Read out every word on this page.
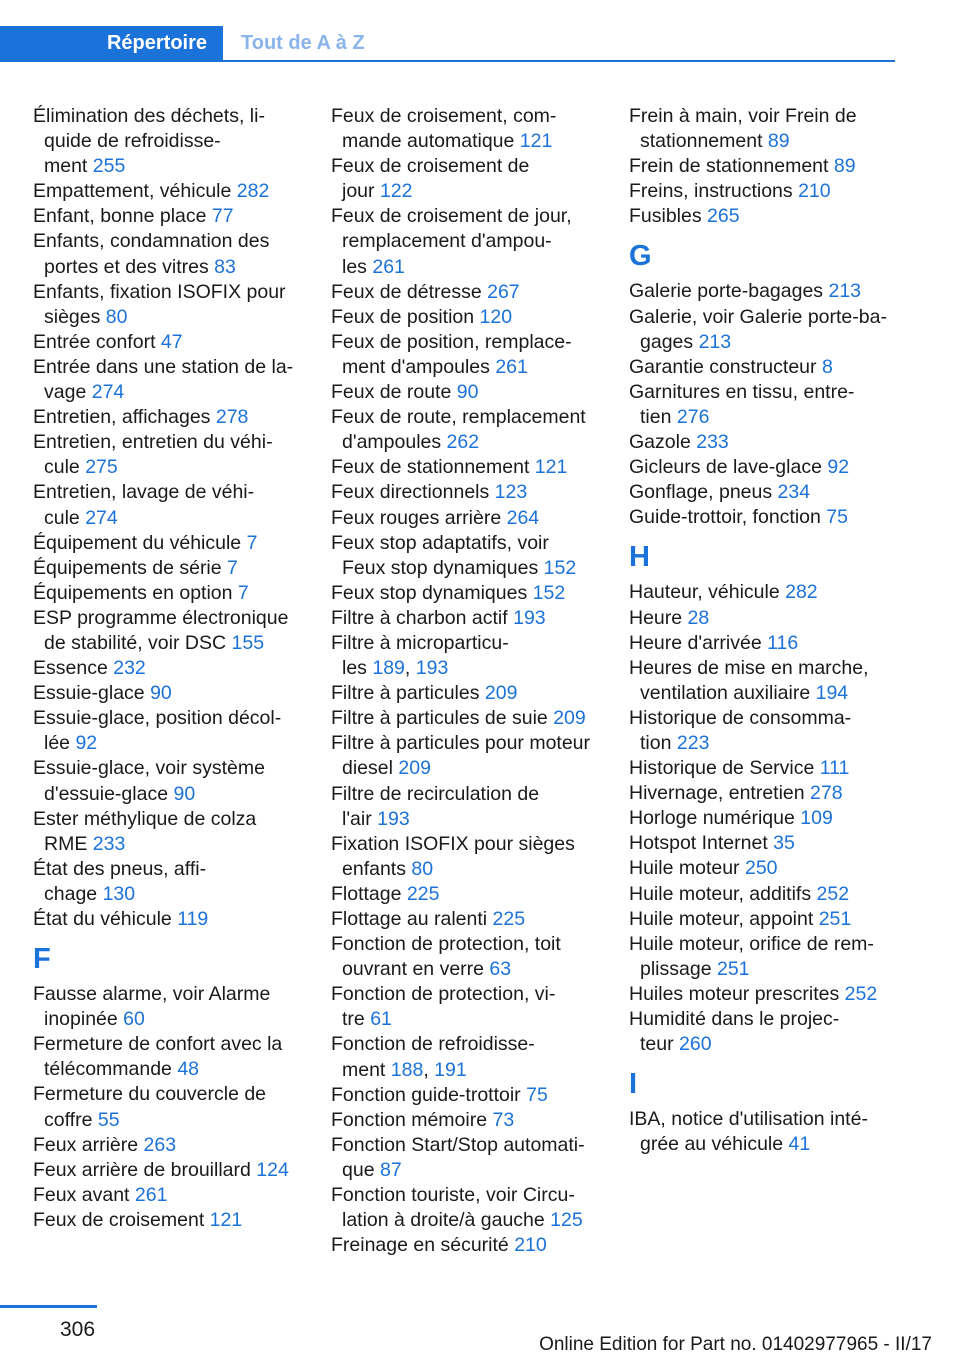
Répertoire	Tout de A à Z
Élimination des déchets, li-
quide de refroidisse-
ment 255
Empattement, véhicule 282
Enfant, bonne place 77
Enfants, condamnation des
portes et des vitres 83
Enfants, fixation ISOFIX pour
sièges 80
Entrée confort 47
Entrée dans une station de la-
vage 274
Entretien, affichages 278
Entretien, entretien du véhi-
cule 275
Entretien, lavage de véhi-
cule 274
Équipement du véhicule 7
Équipements de série 7
Équipements en option 7
ESP programme électronique
de stabilité, voir DSC 155
Essence 232
Essuie-glace 90
Essuie-glace, position décol-
lée 92
Essuie-glace, voir système
d'essuie-glace 90
Ester méthylique de colza
RME 233
État des pneus, affi-
chage 130
État du véhicule 119
F
Fausse alarme, voir Alarme
inopinée 60
Fermeture de confort avec la
télécommande 48
Fermeture du couvercle de
coffre 55
Feux arrière 263
Feux arrière de brouillard 124
Feux avant 261
Feux de croisement 121
Feux de croisement, com-
mande automatique 121
Feux de croisement de
jour 122
Feux de croisement de jour,
remplacement d'ampou-
les 261
Feux de détresse 267
Feux de position 120
Feux de position, remplace-
ment d'ampoules 261
Feux de route 90
Feux de route, remplacement
d'ampoules 262
Feux de stationnement 121
Feux directionnels 123
Feux rouges arrière 264
Feux stop adaptatifs, voir
Feux stop dynamiques 152
Feux stop dynamiques 152
Filtre à charbon actif 193
Filtre à microparticu-
les 189, 193
Filtre à particules 209
Filtre à particules de suie 209
Filtre à particules pour moteur
diesel 209
Filtre de recirculation de
l'air 193
Fixation ISOFIX pour sièges
enfants 80
Flottage 225
Flottage au ralenti 225
Fonction de protection, toit
ouvrant en verre 63
Fonction de protection, vi-
tre 61
Fonction de refroidisse-
ment 188, 191
Fonction guide-trottoir 75
Fonction mémoire 73
Fonction Start/Stop automati-
que 87
Fonction touriste, voir Circu-
lation à droite/à gauche 125
Freinage en sécurité 210
Frein à main, voir Frein de
stationnement 89
Frein de stationnement 89
Freins, instructions 210
Fusibles 265
G
Galerie porte-bagages 213
Galerie, voir Galerie porte-ba-
gages 213
Garantie constructeur 8
Garnitures en tissu, entre-
tien 276
Gazole 233
Gicleurs de lave-glace 92
Gonflage, pneus 234
Guide-trottoir, fonction 75
H
Hauteur, véhicule 282
Heure 28
Heure d'arrivée 116
Heures de mise en marche,
ventilation auxiliaire 194
Historique de consomma-
tion 223
Historique de Service 111
Hivernage, entretien 278
Horloge numérique 109
Hotspot Internet 35
Huile moteur 250
Huile moteur, additifs 252
Huile moteur, appoint 251
Huile moteur, orifice de rem-
plissage 251
Huiles moteur prescrites 252
Humidité dans le projec-
teur 260
I
IBA, notice d'utilisation inté-
grée au véhicule 41
306
Online Edition for Part no. 01402977965 - II/17
